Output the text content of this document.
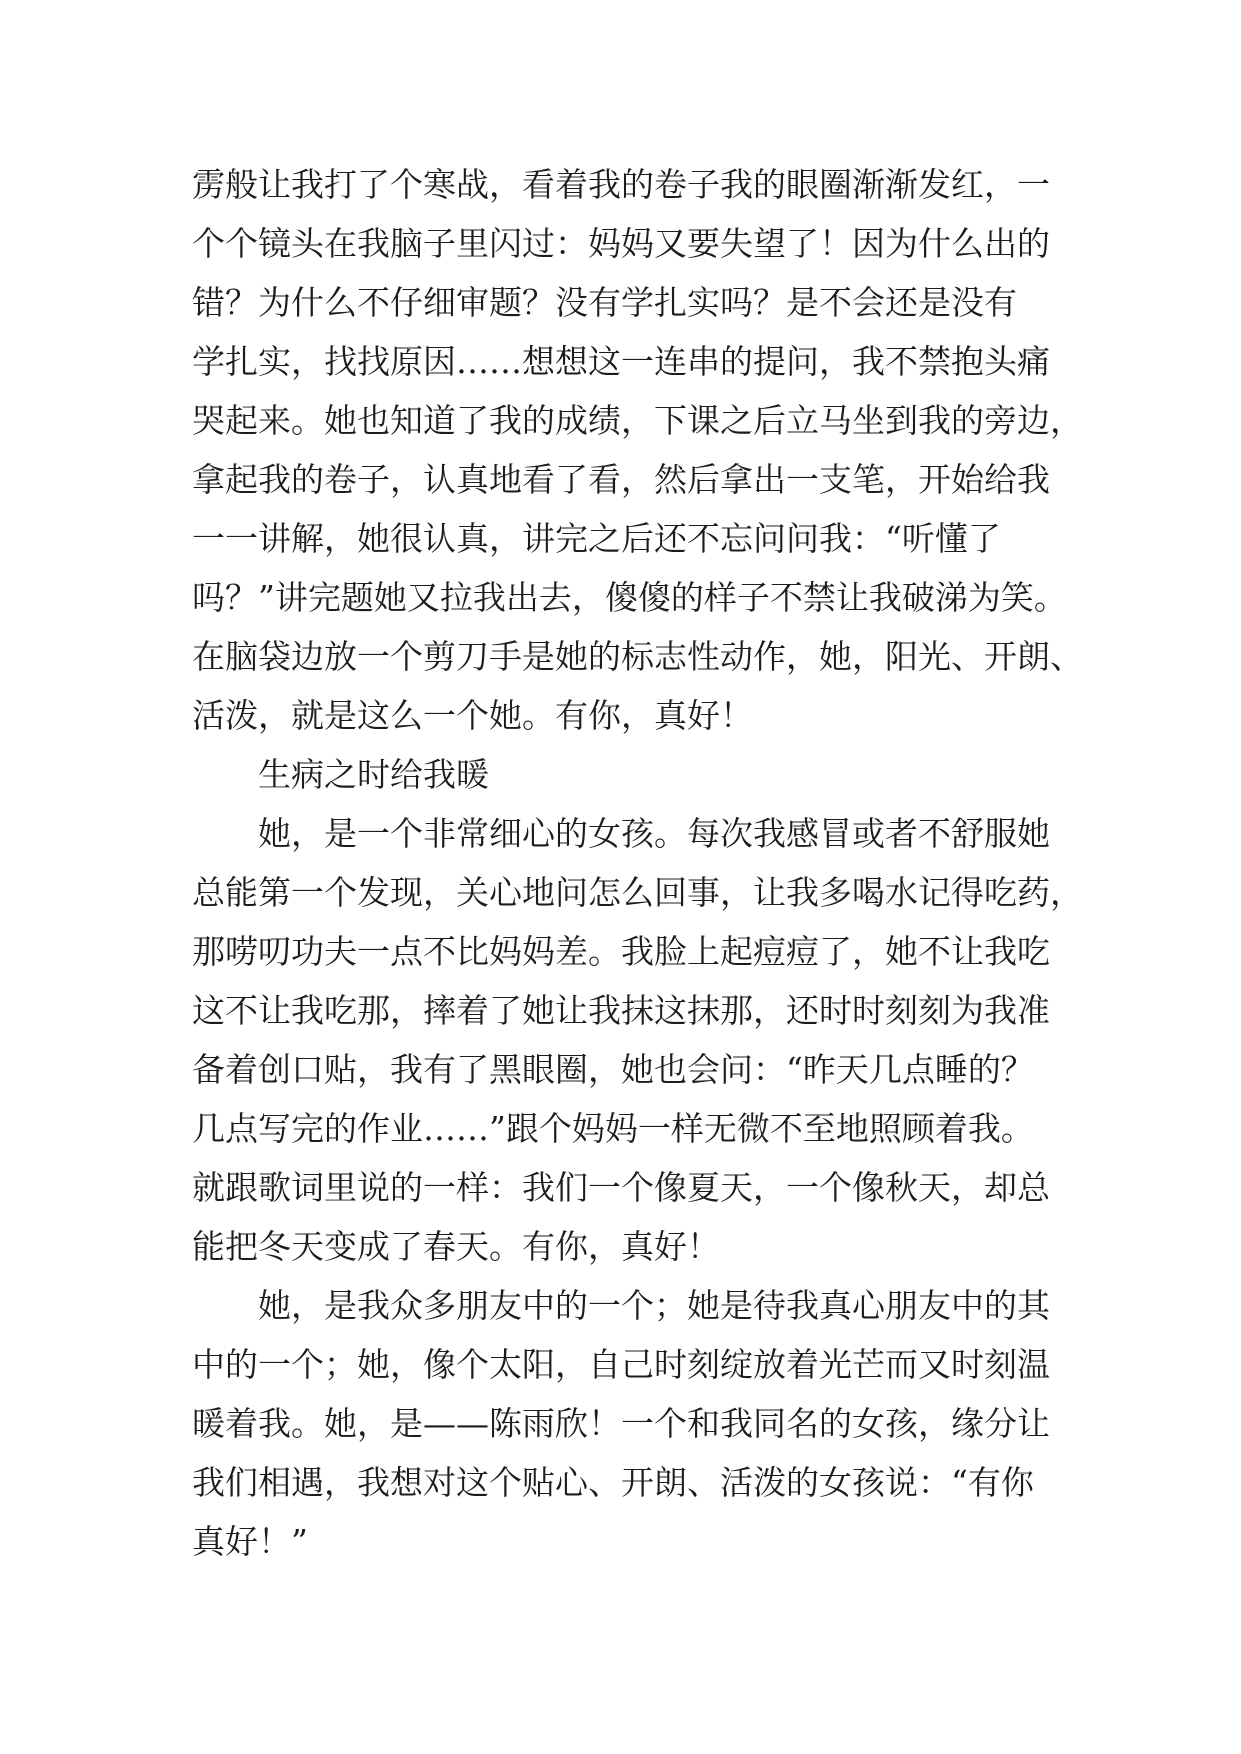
雳般让我打了个寒战，看着我的卷子我的眼圈渐渐发红，一
个个镜头在我脑子里闪过：妈妈又要失望了！因为什么出的
错？为什么不仔细审题？没有学扎实吗？是不会还是没有
学扎实，找找原因……想想这一连串的提问，我不禁抱头痛
哭起来。她也知道了我的成绩，下课之后立马坐到我的旁边，
拿起我的卷子，认真地看了看，然后拿出一支笔，开始给我
一一讲解，她很认真，讲完之后还不忘问问我：“听懂了
吗？”讲完题她又拉我出去，傻傻的样子不禁让我破涕为笑。
在脑袋边放一个剪刀手是她的标志性动作，她，阳光、开朗、
活泼，就是这么一个她。有你，真好！
生病之时给我暖
她，是一个非常细心的女孩。每次我感冒或者不舒服她
总能第一个发现，关心地问怎么回事，让我多喝水记得吃药，
那唠叨功夫一点不比妈妈差。我脸上起痘痘了，她不让我吃
这不让我吃那，摔着了她让我抹这抹那，还时时刻刻为我准
备着创口贴，我有了黑眼圈，她也会问：“昨天几点睡的？
几点写完的作业……”跟个妈妈一样无微不至地照顾着我。
就跟歌词里说的一样：我们一个像夏天，一个像秋天，却总
能把冬天变成了春天。有你，真好！
她，是我众多朋友中的一个；她是待我真心朋友中的其
中的一个；她，像个太阳，自己时刻绽放着光芒而又时刻温
暖着我。她，是——陈雨欣！一个和我同名的女孩，缘分让
我们相遇，我想对这个贴心、开朗、活泼的女孩说：“有你
真好！”
